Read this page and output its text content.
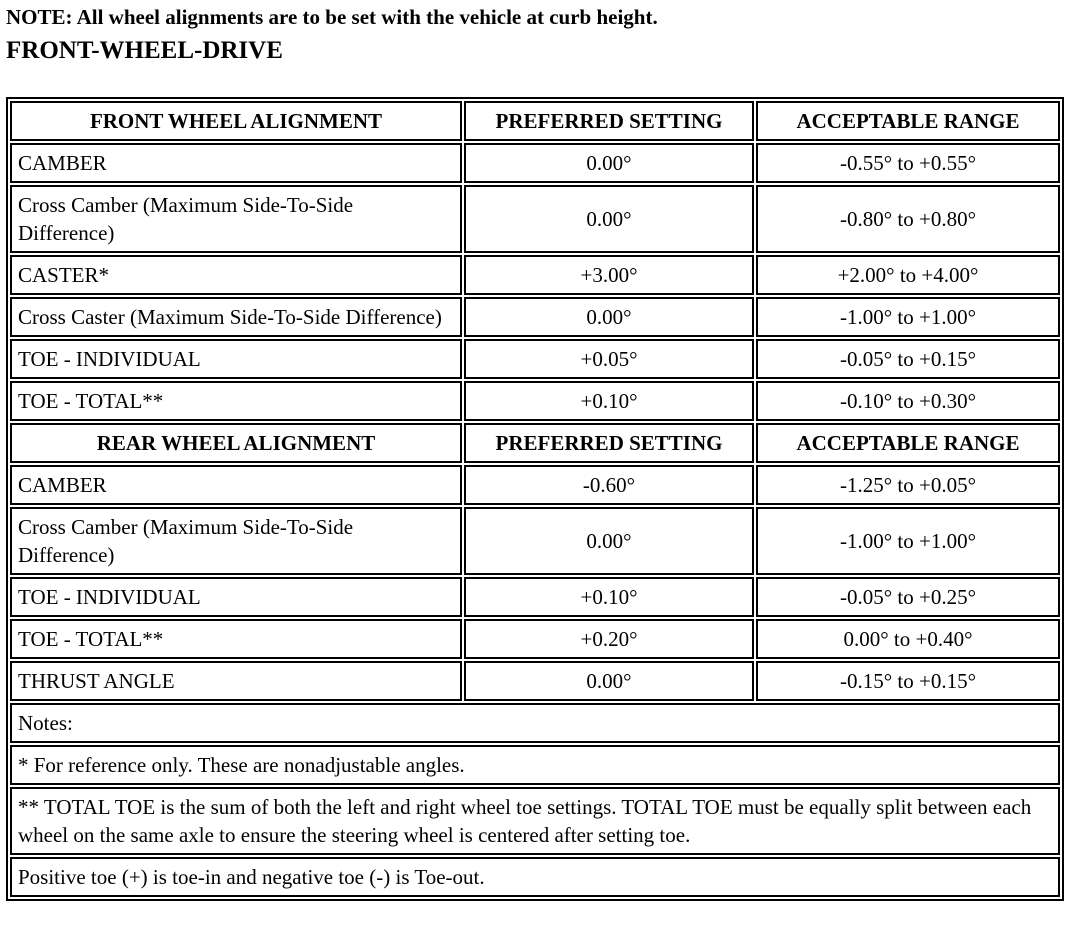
NOTE: All wheel alignments are to be set with the vehicle at curb height.
FRONT-WHEEL-DRIVE
FRONT WHEEL ALIGNMENT	PREFERRED SETTING	ACCEPTABLE RANGE
CAMBER	0.00°	-0.55° to +0.55°
Cross Camber (Maximum Side-To-Side Difference)	0.00°	-0.80° to +0.80°
CASTER*	+3.00°	+2.00° to +4.00°
Cross Caster (Maximum Side-To-Side Difference)	0.00°	-1.00° to +1.00°
TOE - INDIVIDUAL	+0.05°	-0.05° to +0.15°
TOE - TOTAL**	+0.10°	-0.10° to +0.30°
REAR WHEEL ALIGNMENT	PREFERRED SETTING	ACCEPTABLE RANGE
CAMBER	-0.60°	-1.25° to +0.05°
Cross Camber (Maximum Side-To-Side Difference)	0.00°	-1.00° to +1.00°
TOE - INDIVIDUAL	+0.10°	-0.05° to +0.25°
TOE - TOTAL**	+0.20°	0.00° to +0.40°
THRUST ANGLE	0.00°	-0.15° to +0.15°
Notes:		
* For reference only. These are nonadjustable angles.		
** TOTAL TOE is the sum of both the left and right wheel toe settings. TOTAL TOE must be equally split between each wheel on the same axle to ensure the steering wheel is centered after setting toe.		
Positive toe (+) is toe-in and negative toe (-) is Toe-out.		
